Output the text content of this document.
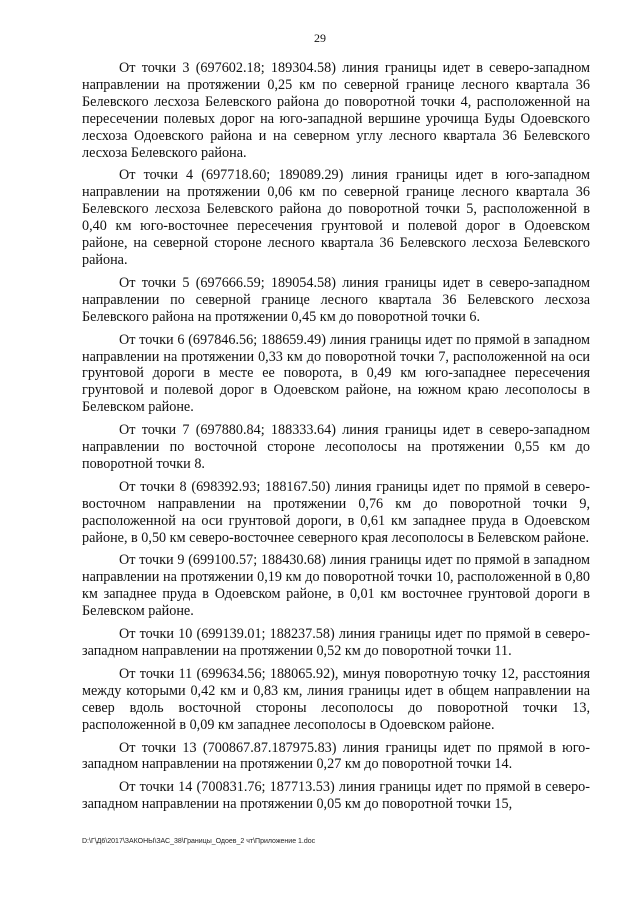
29

От точки 3 (697602.18; 189304.58) линия границы идет в северо-западном направлении на протяжении 0,25 км по северной границе лесного квартала 36 Белевского лесхоза Белевского района до поворотной точки 4, расположенной на пересечении полевых дорог на юго-западной вершине урочища Буды Одоевского лесхоза Одоевского района и на северном углу лесного квартала 36 Белевского лесхоза Белевского района.

От точки 4 (697718.60; 189089.29) линия границы идет в юго-западном направлении на протяжении 0,06 км по северной границе лесного квартала 36 Белевского лесхоза Белевского района до поворотной точки 5, расположенной в 0,40 км юго-восточнее пересечения грунтовой и полевой дорог в Одоевском районе, на северной стороне лесного квартала 36 Белевского лесхоза Белевского района.

От точки 5 (697666.59; 189054.58) линия границы идет в северо-западном направлении по северной границе лесного квартала 36 Белевского лесхоза Белевского района на протяжении 0,45 км до поворотной точки 6.

От точки 6 (697846.56; 188659.49) линия границы идет по прямой в западном направлении на протяжении 0,33 км до поворотной точки 7, расположенной на оси грунтовой дороги в месте ее поворота, в 0,49 км юго-западнее пересечения грунтовой и полевой дорог в Одоевском районе, на южном краю лесополосы в Белевском районе.

От точки 7 (697880.84; 188333.64) линия границы идет в северо-западном направлении по восточной стороне лесополосы на протяжении 0,55 км до поворотной точки 8.

От точки 8 (698392.93; 188167.50) линия границы идет по прямой в северо-восточном направлении на протяжении 0,76 км до поворотной точки 9, расположенной на оси грунтовой дороги, в 0,61 км западнее пруда в Одоевском районе, в 0,50 км северо-восточнее северного края лесополосы в Белевском районе.

От точки 9 (699100.57; 188430.68) линия границы идет по прямой в западном направлении на протяжении 0,19 км до поворотной точки 10, расположенной в 0,80 км западнее пруда в Одоевском районе, в 0,01 км восточнее грунтовой дороги в Белевском районе.

От точки 10 (699139.01; 188237.58) линия границы идет по прямой в северо-западном направлении на протяжении 0,52 км до поворотной точки 11.

От точки 11 (699634.56; 188065.92), минуя поворотную точку 12, расстояния между которыми 0,42 км и 0,83 км, линия границы идет в общем направлении на север вдоль восточной стороны лесополосы до поворотной точки 13, расположенной в 0,09 км западнее лесополосы в Одоевском районе.

От точки 13 (700867.87.187975.83) линия границы идет по прямой в юго-западном направлении на протяжении 0,27 км до поворотной точки 14.

От точки 14 (700831.76; 187713.53) линия границы идет по прямой в северо-западном направлении на протяжении 0,05 км до поворотной точки 15,

D:\Г\Д6\2017\ЗАКОНЫ\ЗАС_38\Границы_Одоев_2 чт\Приложение 1.doc
